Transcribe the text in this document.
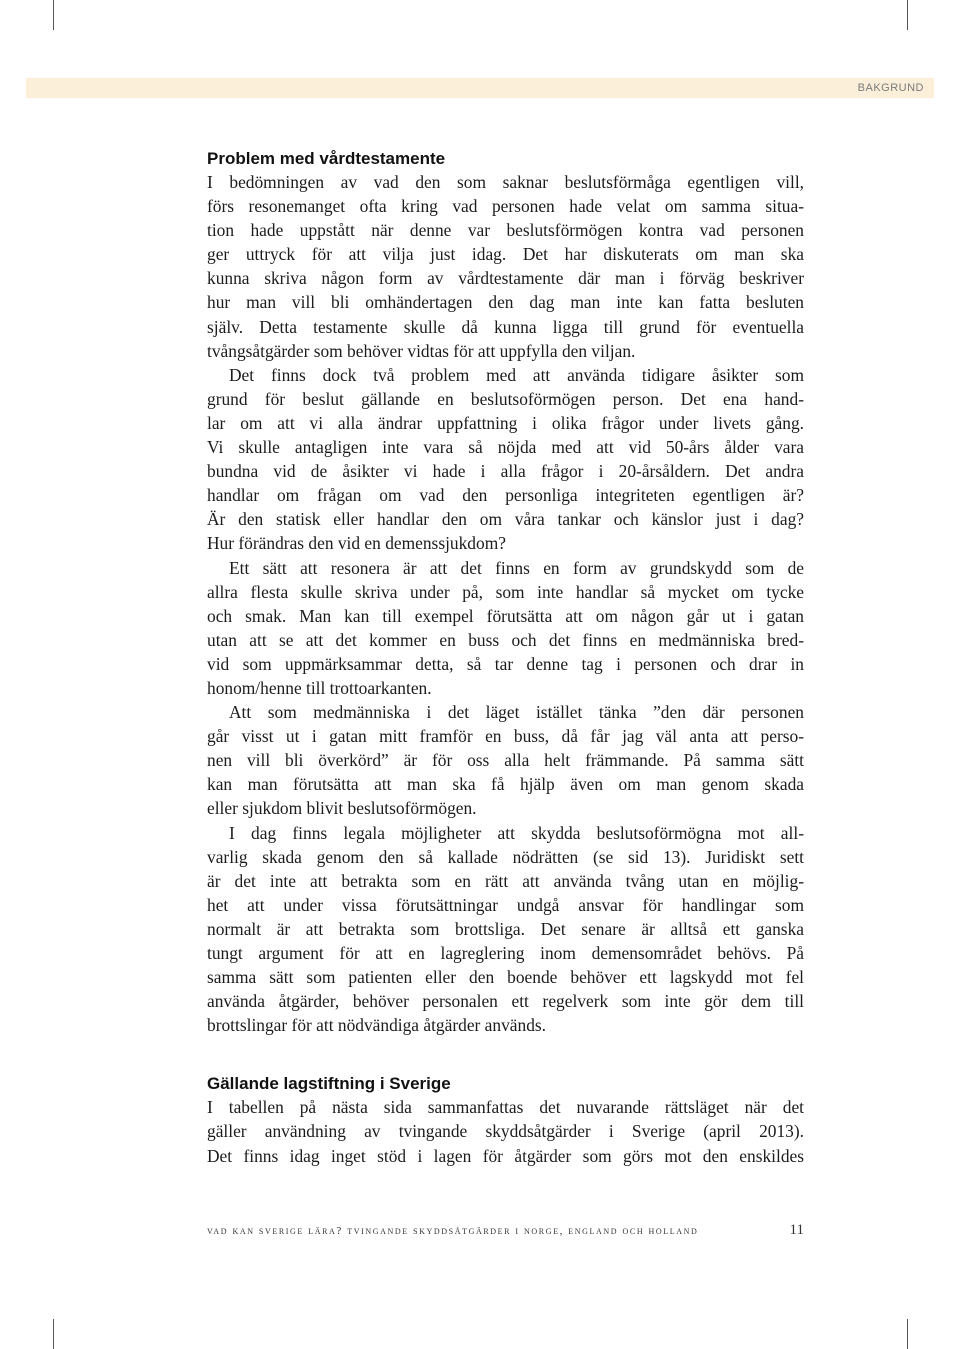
BAKGRUND
Problem med vårdtestamente
I bedömningen av vad den som saknar beslutsförmåga egentligen vill,
förs resonemanget ofta kring vad personen hade velat om samma situa-
tion hade uppstått när denne var beslutsförmögen kontra vad personen
ger uttryck för att vilja just idag. Det har diskuterats om man ska
kunna skriva någon form av vårdtestamente där man i förväg beskriver
hur man vill bli omhändertagen den dag man inte kan fatta besluten
själv. Detta testamente skulle då kunna ligga till grund för eventuella
tvångsåtgärder som behöver vidtas för att uppfylla den viljan.
Det finns dock två problem med att använda tidigare åsikter som
grund för beslut gällande en beslutsoförmögen person. Det ena hand-
lar om att vi alla ändrar uppfattning i olika frågor under livets gång.
Vi skulle antagligen inte vara så nöjda med att vid 50-års ålder vara
bundna vid de åsikter vi hade i alla frågor i 20-årsåldern. Det andra
handlar om frågan om vad den personliga integriteten egentligen är?
Är den statisk eller handlar den om våra tankar och känslor just i dag?
Hur förändras den vid en demenssjukdom?
Ett sätt att resonera är att det finns en form av grundskydd som de
allra flesta skulle skriva under på, som inte handlar så mycket om tycke
och smak. Man kan till exempel förutsätta att om någon går ut i gatan
utan att se att det kommer en buss och det finns en medmänniska bred-
vid som uppmärksammar detta, så tar denne tag i personen och drar in
honom/henne till trottoarkanten.
Att som medmänniska i det läget istället tänka ”den där personen
går visst ut i gatan mitt framför en buss, då får jag väl anta att perso-
nen vill bli överkörd” är för oss alla helt främmande. På samma sätt
kan man förutsätta att man ska få hjälp även om man genom skada
eller sjukdom blivit beslutsoförmögen.
I dag finns legala möjligheter att skydda beslutsoförmögna mot all-
varlig skada genom den så kallade nödrätten (se sid 13). Juridiskt sett
är det inte att betrakta som en rätt att använda tvång utan en möjlig-
het att under vissa förutsättningar undgå ansvar för handlingar som
normalt är att betrakta som brottsliga. Det senare är alltså ett ganska
tungt argument för att en lagreglering inom demensområdet behövs. På
samma sätt som patienten eller den boende behöver ett lagskydd mot fel
använda åtgärder, behöver personalen ett regelverk som inte gör dem till
brottslingar för att nödvändiga åtgärder används.
Gällande lagstiftning i Sverige
I tabellen på nästa sida sammanfattas det nuvarande rättsläget när det
gäller användning av tvingande skyddsåtgärder i Sverige (april 2013).
Det finns idag inget stöd i lagen för åtgärder som görs mot den enskildes
vad kan sverige lära? tvingande skyddsåtgärder i norge, england och holland	11
